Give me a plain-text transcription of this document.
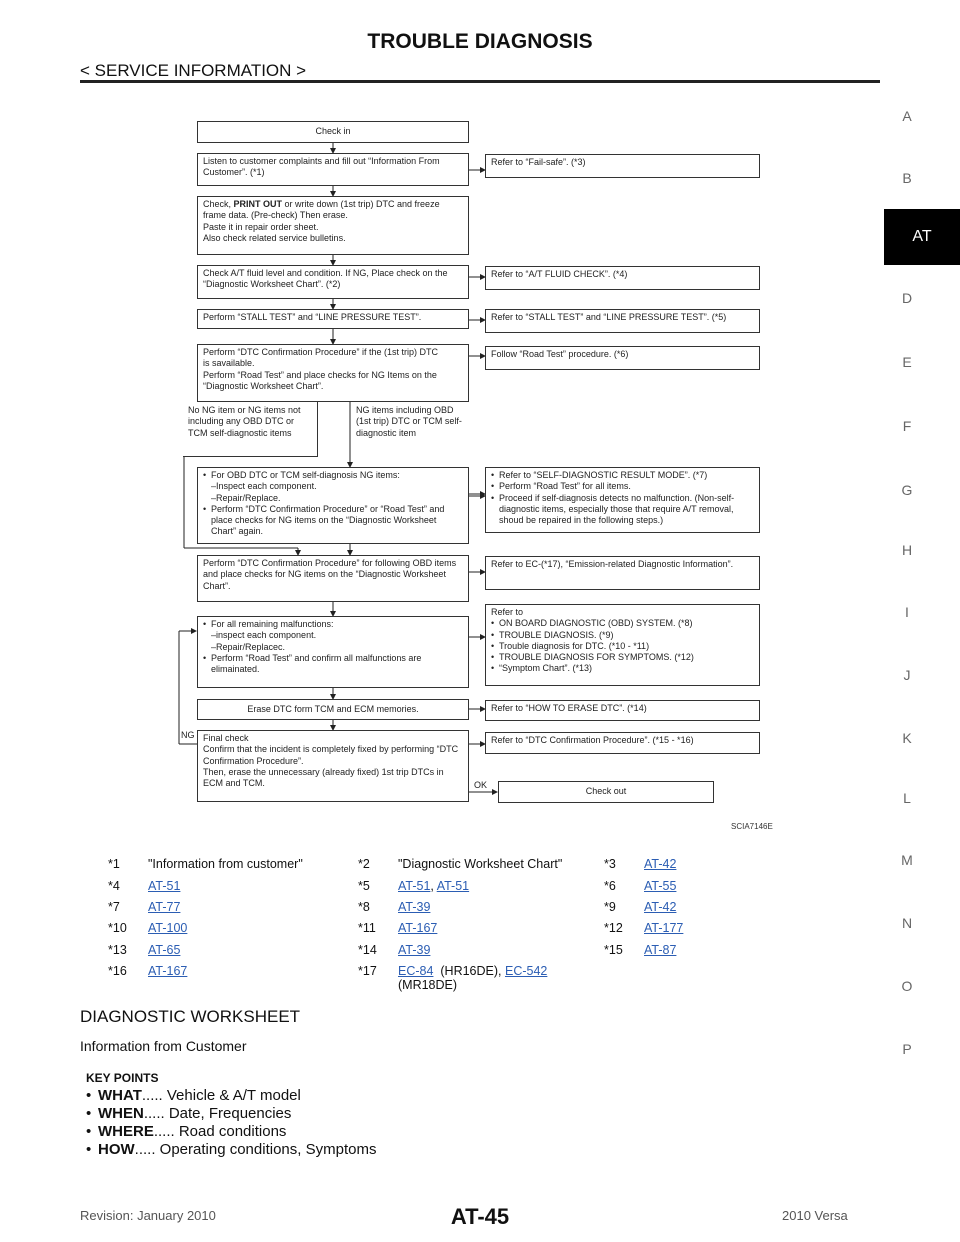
TROUBLE DIAGNOSIS
< SERVICE INFORMATION >
A
B
D
E
F
G
H
I
J
K
L
M
N
O
P
AT
Check in
Listen to customer complaints and fill out “Information From Customer”. (*1)
Refer to “Fail-safe”. (*3)
Check, PRINT OUT or write down (1st trip) DTC and freeze frame data. (Pre-check) Then erase.
Paste it in repair order sheet.
Also check related service bulletins.
Check A/T fluid level and condition. If NG, Place check on the “Diagnostic Worksheet Chart”. (*2)
Refer to “A/T FLUID CHECK”. (*4)
Perform “STALL TEST” and “LINE PRESSURE TEST”.	Refer to “STALL TEST” and “LINE PRESSURE TEST”. (*5)
Perform “DTC Confirmation Procedure” if the (1st trip) DTC
is savailable.
Perform “Road Test” and place checks for NG Items on the
“Diagnostic Worksheet Chart”.
Follow “Road Test” procedure. (*6)
No NG item or NG items not including any OBD DTC or TCM self-diagnostic items
NG items including OBD (1st trip) DTC or TCM self-diagnostic item
• For OBD DTC or TCM self-diagnosis NG items:
–Inspect each component.
–Repair/Replace.
• Perform “DTC Confirmation Procedure” or “Road Test” and place checks for NG items on the “Diagnostic Worksheet Chart” again.
• Refer to “SELF-DIAGNOSTIC RESULT MODE”. (*7)
• Perform “Road Test” for all items.
• Proceed if self-diagnosis detects no malfunction. (Non-self-diagnostic items, especially those that require A/T removal, shoud be repaired in the following steps.)
Perform “DTC Confirmation Procedure” for following OBD items and place checks for NG items on the “Diagnostic Worksheet Chart”.
Refer to EC-(*17), “Emission-related Diagnostic Information”.
• For all remaining malfunctions:
–inspect each component.
–Repair/Replacec.
• Perform “Road Test” and confirm all malfunctions are elimainated.
Refer to
• ON BOARD DIAGNOSTIC (OBD) SYSTEM. (*8)
• TROUBLE DIAGNOSIS. (*9)
• Trouble diagnosis for DTC. (*10 - *11)
• TROUBLE DIAGNOSIS FOR SYMPTOMS. (*12)
• “Symptom Chart”. (*13)
Erase DTC form TCM and ECM memories.	Refer to “HOW TO ERASE DTC”. (*14)
Final check
Confirm that the incident is completely fixed by performing “DTC Confirmation Procedure”.
Then, erase the unnecessary (already fixed) 1st trip DTCs in ECM and TCM.
Refer to “DTC Confirmation Procedure”. (*15 - *16)
NG
OK
Check out
SCIA7146E
*1 "Information from customer"	*2 "Diagnostic Worksheet Chart"	*3 AT-42
*4 AT-51	*5 AT-51, AT-51	*6 AT-55
*7 AT-77	*8 AT-39	*9 AT-42
*10 AT-100	*11 AT-167	*12 AT-177
*13 AT-65	*14 AT-39	*15 AT-87
*16 AT-167	*17 EC-84  (HR16DE), EC-542
(MR18DE)
DIAGNOSTIC WORKSHEET
Information from Customer
KEY POINTS
• WHAT..... Vehicle & A/T model
• WHEN..... Date, Frequencies
• WHERE..... Road conditions
• HOW..... Operating conditions, Symptoms
Revision: January 2010	AT-45	2010 Versa
